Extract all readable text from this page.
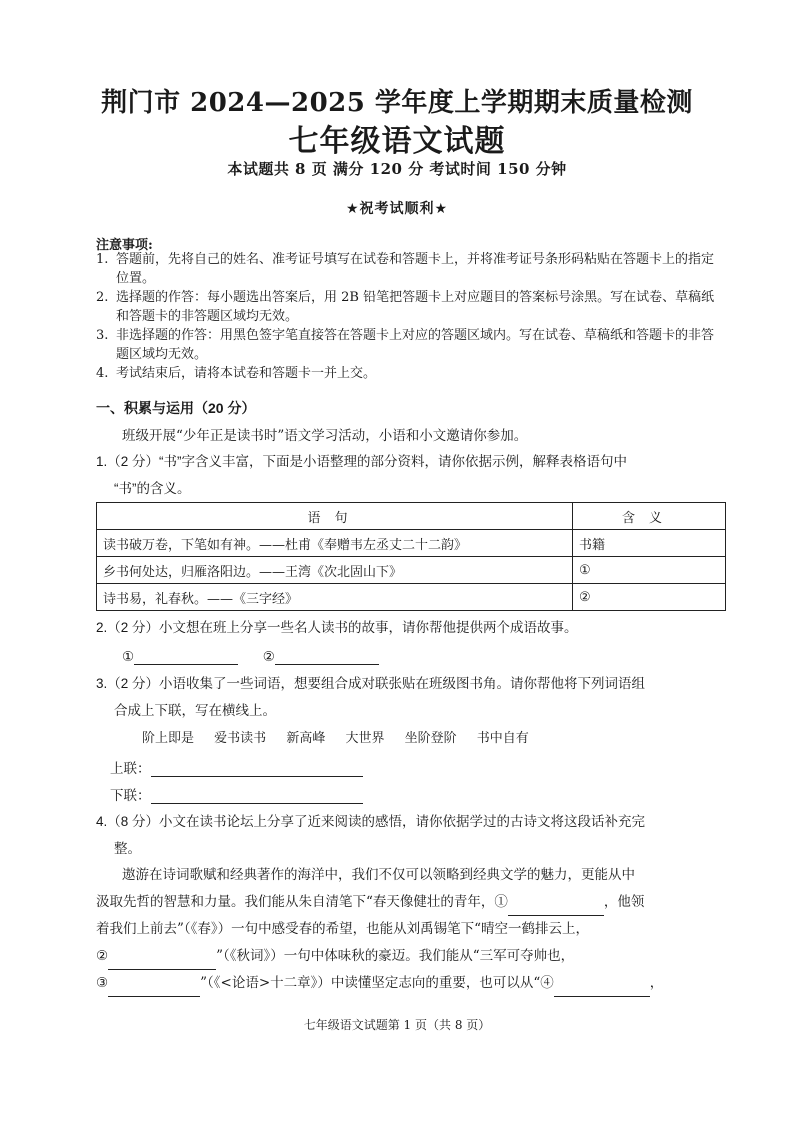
荆门市 2024—2025 学年度上学期期末质量检测
七年级语文试题
本试题共 8 页 满分 120 分 考试时间 150 分钟
★祝考试顺利★
注意事项:
1. 答题前，先将自己的姓名、准考证号填写在试卷和答题卡上，并将准考证号条形码粘贴在答题卡上的指定位置。
2. 选择题的作答：每小题选出答案后，用 2B 铅笔把答题卡上对应题目的答案标号涂黑。写在试卷、草稿纸和答题卡的非答题区域均无效。
3. 非选择题的作答：用黑色签字笔直接答在答题卡上对应的答题区域内。写在试卷、草稿纸和答题卡的非答题区域均无效。
4. 考试结束后，请将本试卷和答题卡一并上交。
一、积累与运用（20 分）
班级开展“少年正是读书时”语文学习活动，小语和小文邀请你参加。
1.（2 分）“书”字含义丰富，下面是小语整理的部分资料，请你依据示例，解释表格语句中
“书”的含义。
语句	含义
读书破万卷，下笔如有神。——杜甫《奉赠韦左丞丈二十二韵》	书籍
乡书何处达，归雁洛阳边。——王湾《次北固山下》	①
诗书易，礼春秋。——《三字经》	②
2.（2 分）小文想在班上分享一些名人读书的故事，请你帮他提供两个成语故事。
①	②
3.（2 分）小语收集了一些词语，想要组合成对联张贴在班级图书角。请你帮他将下列词语组
合成上下联，写在横线上。
阶上即是 爱书读书 新高峰 大世界 坐阶登阶 书中自有
上联：
下联：
4.（8 分）小文在读书论坛上分享了近来阅读的感悟，请你依据学过的古诗文将这段话补充完
整。
遨游在诗词歌赋和经典著作的海洋中，我们不仅可以领略到经典文学的魅力，更能从中
汲取先哲的智慧和力量。我们能从朱自清笔下“春天像健壮的青年，①	，他领
着我们上前去”（《春》）一句中感受春的希望，也能从刘禹锡笔下“晴空一鹤排云上，
②	”（《秋词》）一句中体味秋的豪迈。我们能从“三军可夺帅也，
③	”（《<论语>十二章》）中读懂坚定志向的重要，也可以从“④	，
七年级语文试题第 1 页（共 8 页）
